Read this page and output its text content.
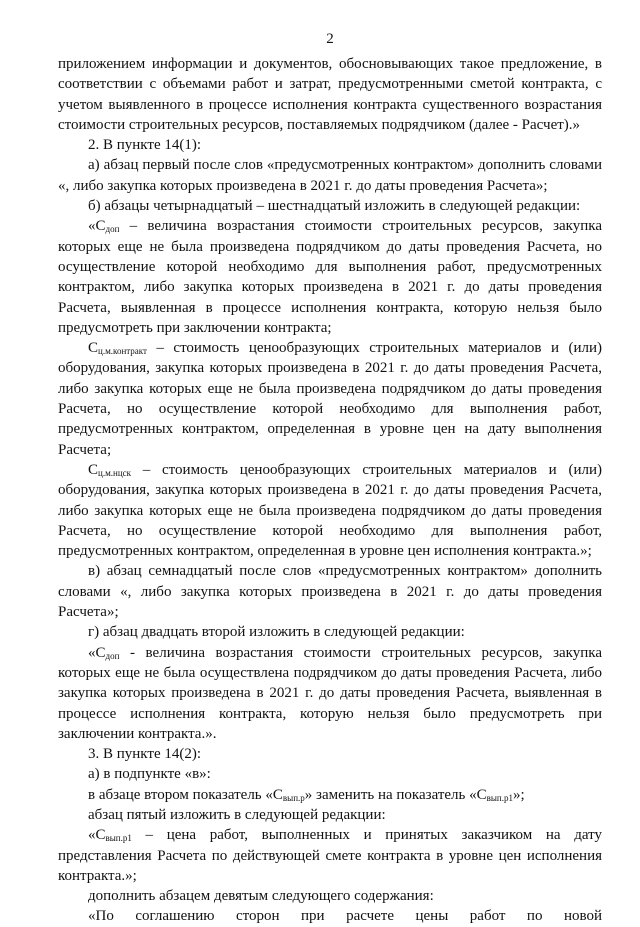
2

приложением информации и документов, обосновывающих такое предложение, в соответствии с объемами работ и затрат, предусмотренными сметой контракта, с учетом выявленного в процессе исполнения контракта существенного возрастания стоимости строительных ресурсов, поставляемых подрядчиком (далее - Расчет).»

2. В пункте 14(1):

а) абзац первый после слов «предусмотренных контрактом» дополнить словами «, либо закупка которых произведена в 2021 г. до даты проведения Расчета»;

б) абзацы четырнадцатый – шестнадцатый изложить в следующей редакции:

«$С_{доп}$ – величина возрастания стоимости строительных ресурсов, закупка которых еще не была произведена подрядчиком до даты проведения Расчета, но осуществление которой необходимо для выполнения работ, предусмотренных контрактом, либо закупка которых произведена в 2021 г. до даты проведения Расчета, выявленная в процессе исполнения контракта, которую нельзя было предусмотреть при заключении контракта;

$С_{ц.м.контракт}$ – стоимость ценообразующих строительных материалов и (или) оборудования, закупка которых произведена в 2021 г. до даты проведения Расчета, либо закупка которых еще не была произведена подрядчиком до даты проведения Расчета, но осуществление которой необходимо для выполнения работ, предусмотренных контрактом, определенная в уровне цен на дату выполнения Расчета;

$С_{ц.м.нцск}$ – стоимость ценообразующих строительных материалов и (или) оборудования, закупка которых произведена в 2021 г. до даты проведения Расчета, либо закупка которых еще не была произведена подрядчиком до даты проведения Расчета, но осуществление которой необходимо для выполнения работ, предусмотренных контрактом, определенная в уровне цен исполнения контракта.»;

в) абзац семнадцатый после слов «предусмотренных контрактом» дополнить словами «, либо закупка которых произведена в 2021 г. до даты проведения Расчета»;

г) абзац двадцать второй изложить в следующей редакции:

«$С_{доп}$ - величина возрастания стоимости строительных ресурсов, закупка которых еще не была осуществлена подрядчиком до даты проведения Расчета, либо закупка которых произведена в 2021 г. до даты проведения Расчета, выявленная в процессе исполнения контракта, которую нельзя было предусмотреть при заключении контракта.».

3. В пункте 14(2):

а) в подпункте «в»:

в абзаце втором показатель «$С_{вып.р}$» заменить на показатель «$С_{вып.р1}$»;

абзац пятый изложить в следующей редакции:

«$С_{вып.р1}$ – цена работ, выполненных и принятых заказчиком на дату представления Расчета по действующей смете контракта в уровне цен исполнения контракта.»;

дополнить абзацем девятым следующего содержания:

«По соглашению сторон при расчете цены работ по новой
